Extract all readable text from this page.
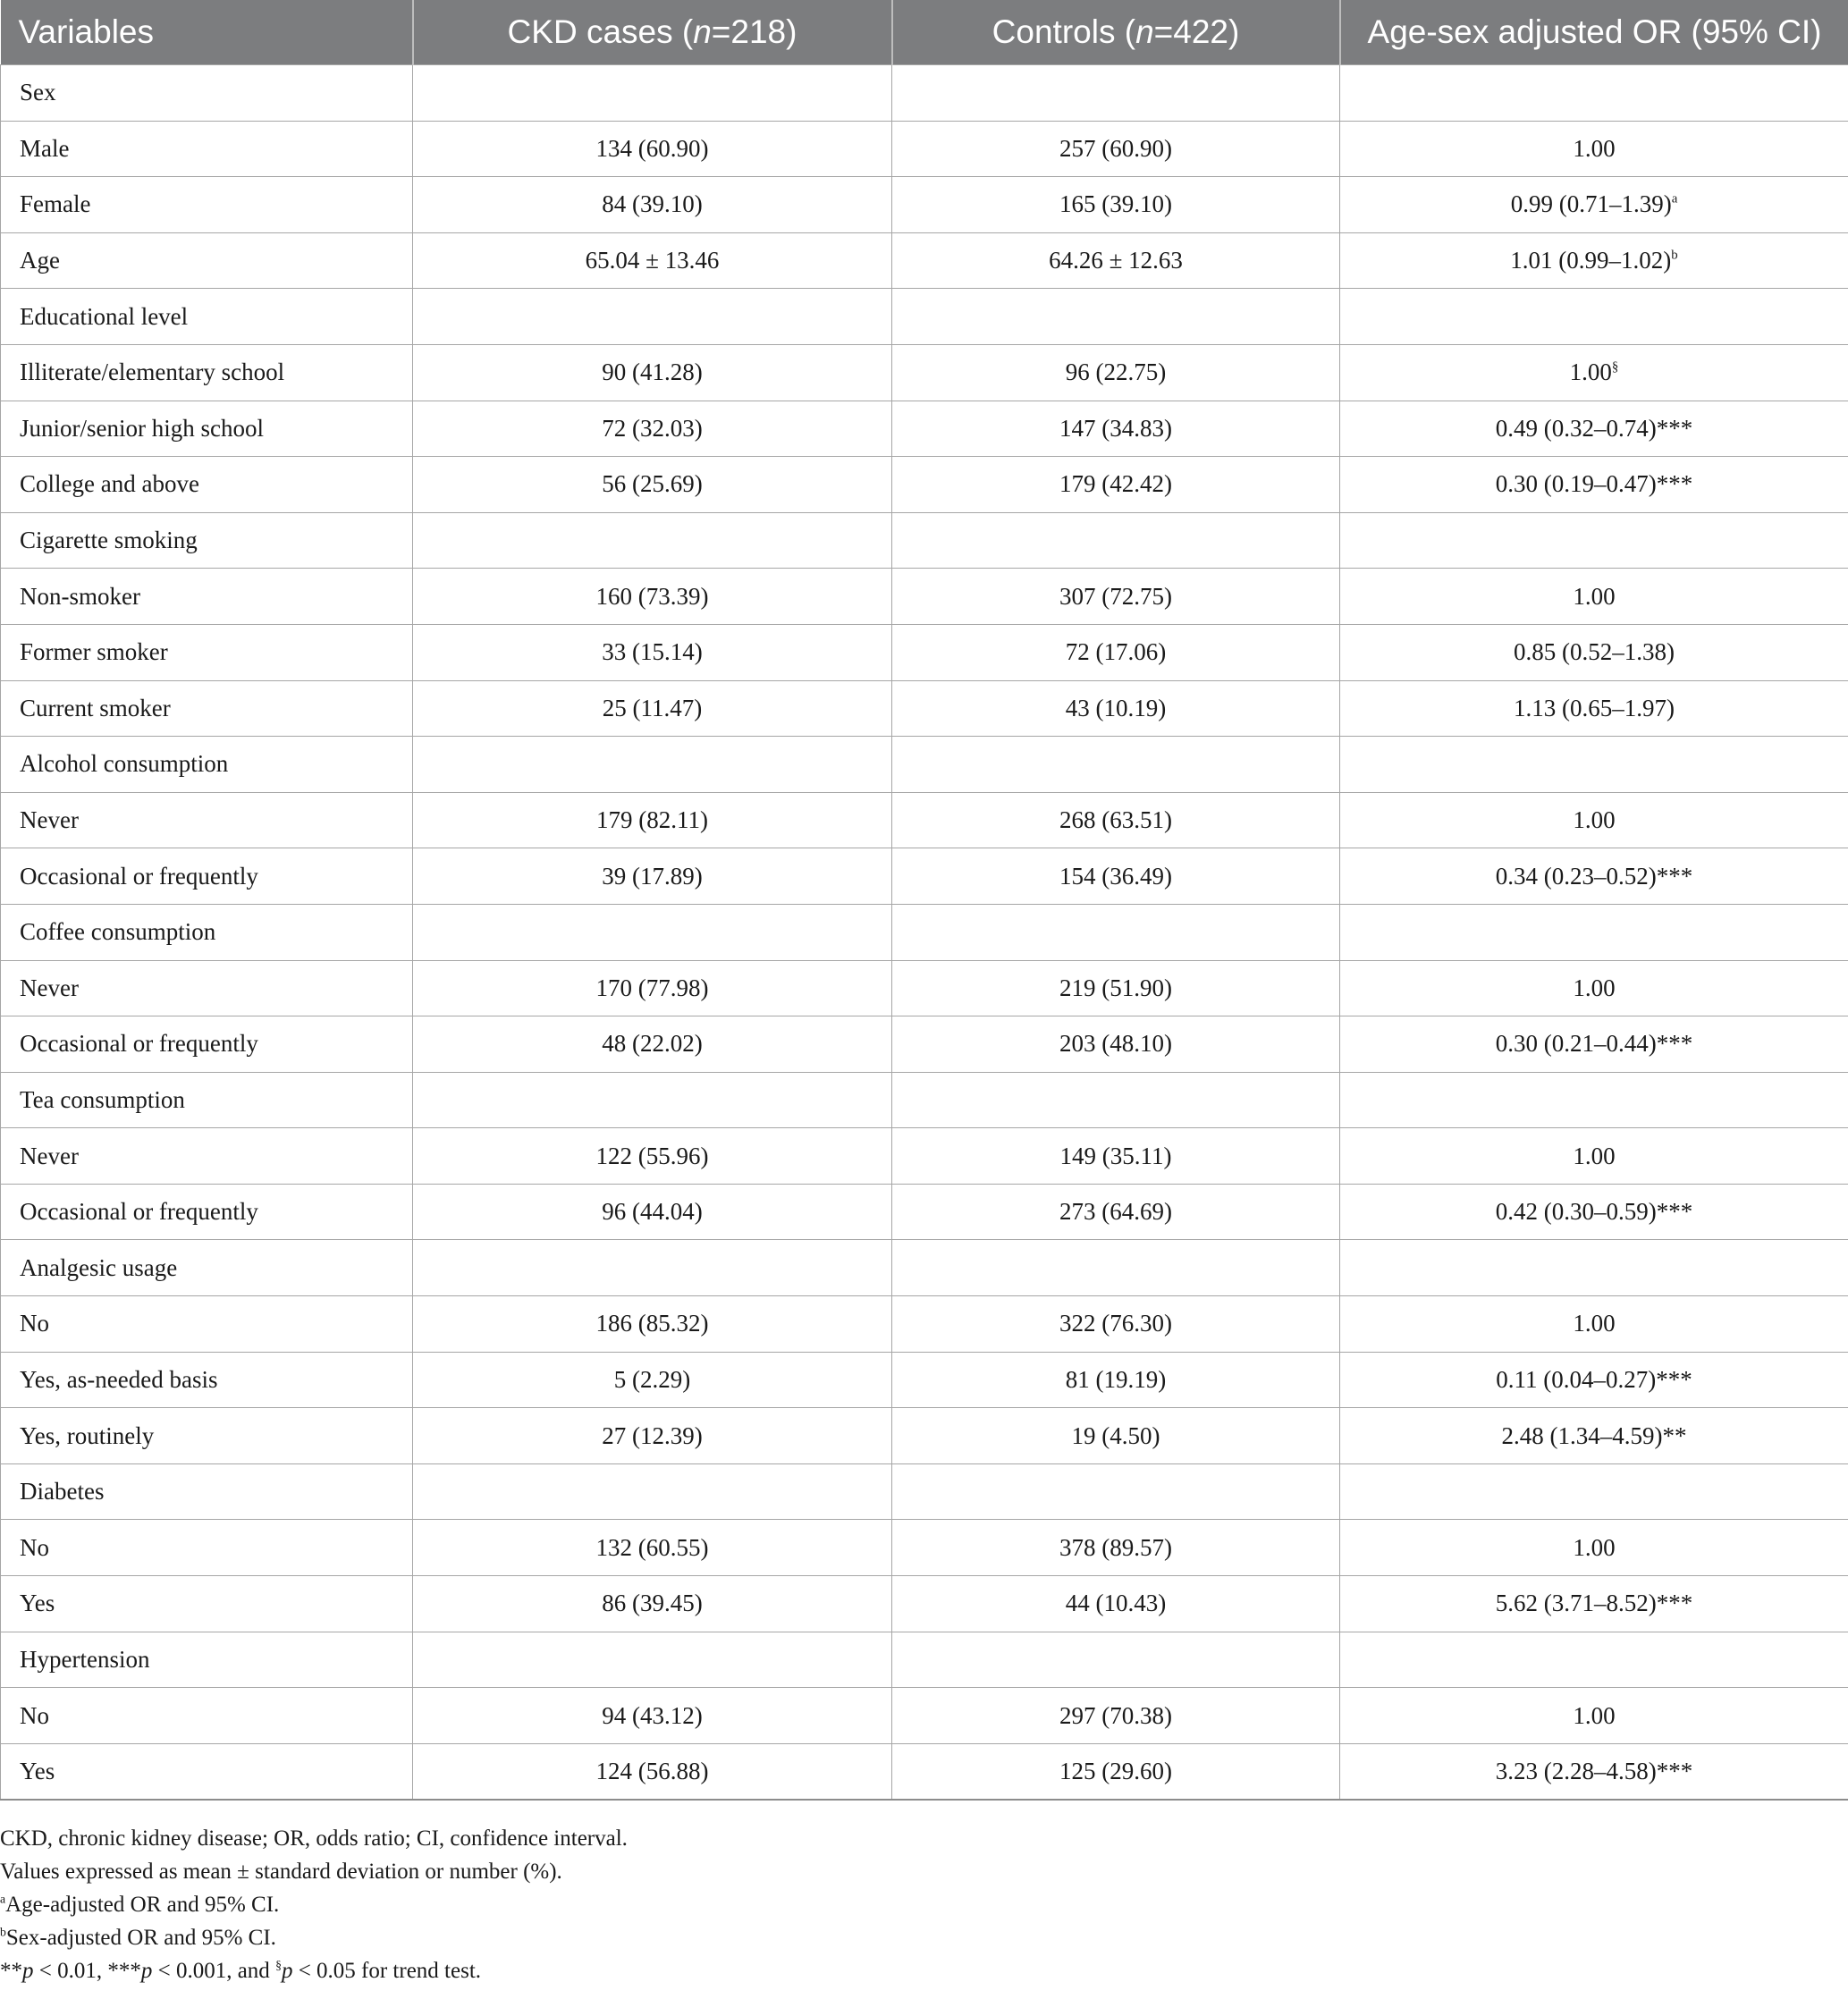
Variables	CKD cases (n=218)	Controls (n=422)	Age-sex adjusted OR (95% CI)
Sex			
Male	134 (60.90)	257 (60.90)	1.00
Female	84 (39.10)	165 (39.10)	0.99 $(0.71-1.39)^a$
Age	65.04 ± 13.46	64.26 ± 12.63	1.01 $(0.99-1.02)^b$
Educational level			
Illiterate/elementary school	90 (41.28)	96 (22.75)	1.00§
Junior/senior high school	72 (32.03)	147 (34.83)	0.49 (0.32–0.74)***
College and above	56 (25.69)	179 (42.42)	0.30 (0.19–0.47)***
Cigarette smoking			
Non-smoker	160 (73.39)	307 (72.75)	1.00
Former smoker	33 (15.14)	72 (17.06)	0.85 (0.52–1.38)
Current smoker	25 (11.47)	43 (10.19)	1.13 (0.65–1.97)
Alcohol consumption			
Never	179 (82.11)	268 (63.51)	1.00
Occasional or frequently	39 (17.89)	154 (36.49)	0.34 (0.23–0.52)***
Coffee consumption			
Never	170 (77.98)	219 (51.90)	1.00
Occasional or frequently	48 (22.02)	203 (48.10)	0.30 (0.21–0.44)***
Tea consumption			
Never	122 (55.96)	149 (35.11)	1.00
Occasional or frequently	96 (44.04)	273 (64.69)	0.42 (0.30–0.59)***
Analgesic usage			
No	186 (85.32)	322 (76.30)	1.00
Yes, as-needed basis	5 (2.29)	81 (19.19)	0.11 (0.04–0.27)***
Yes, routinely	27 (12.39)	19 (4.50)	2.48 (1.34–4.59)**
Diabetes			
No	132 (60.55)	378 (89.57)	1.00
Yes	86 (39.45)	44 (10.43)	5.62 (3.71–8.52)***
Hypertension			
No	94 (43.12)	297 (70.38)	1.00
Yes	124 (56.88)	125 (29.60)	3.23 (2.28–4.58)***
CKD, chronic kidney disease; OR, odds ratio; CI, confidence interval.
Values expressed as mean ± standard deviation or number (%).
$^a$Age-adjusted OR and 95% CI.
$^b$Sex-adjusted OR and 95% CI.
**p < 0.01, ***p < 0.001, and §p < 0.05 for trend test.
